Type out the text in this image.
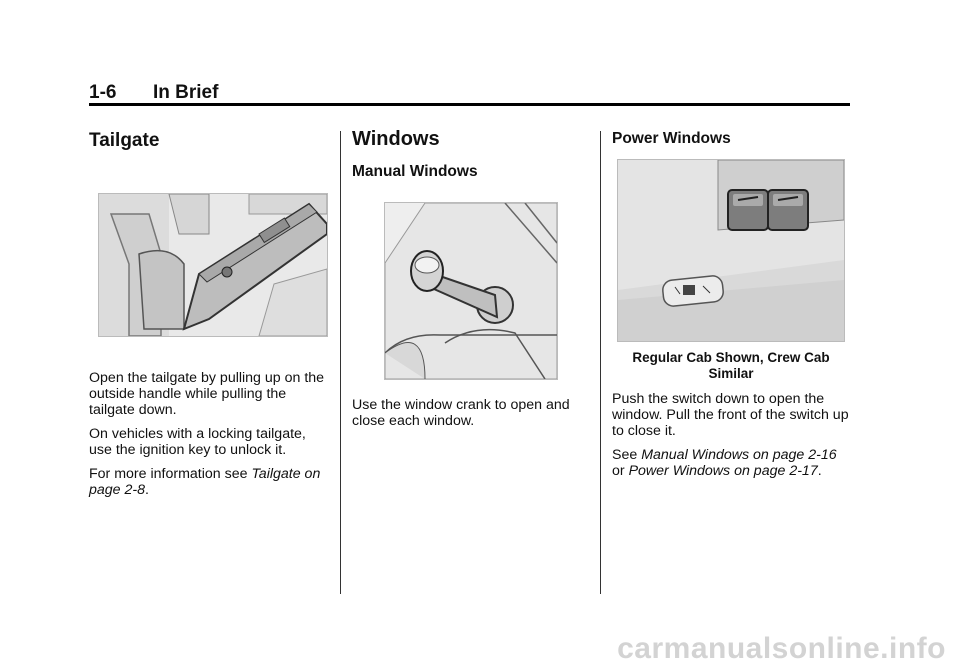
1-6 In Brief
Tailgate

Open the tailgate by pulling up on the outside handle while pulling the tailgate down.

On vehicles with a locking tailgate, use the ignition key to unlock it.

For more information see Tailgate on page 2-8.

Windows
Manual Windows

Use the window crank to open and close each window.

Power Windows
Regular Cab Shown, Crew Cab Similar

Push the switch down to open the window. Pull the front of the switch up to close it.

See Manual Windows on page 2-16 or Power Windows on page 2-17.

carmanualsonline.info
